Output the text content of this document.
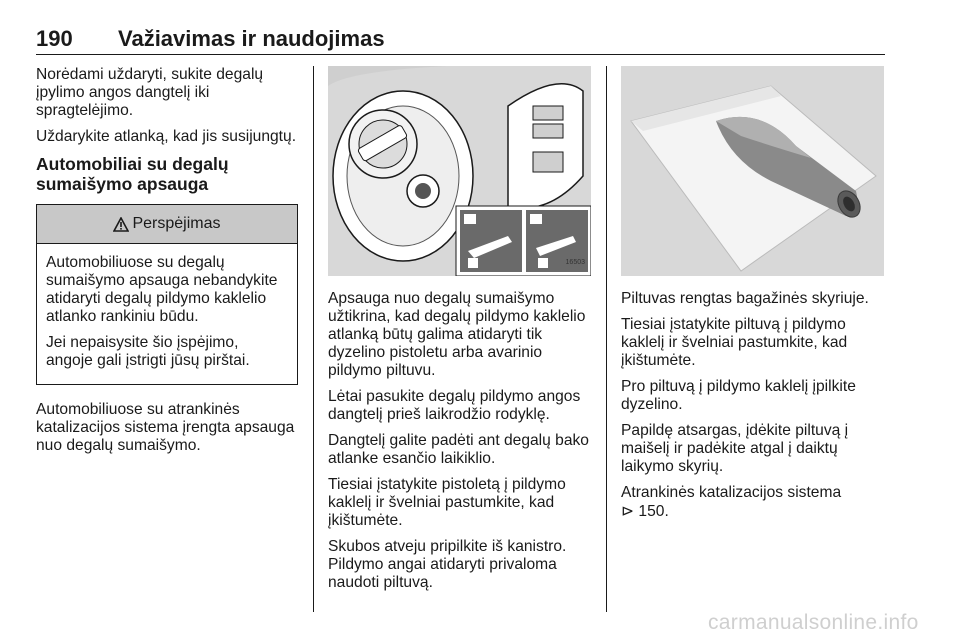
190 Važiavimas ir naudojimas

Norėdami uždaryti, sukite degalų
įpylimo angos dangtelį iki
spragtelėjimo.

Uždarykite atlanką, kad jis susijungtų.

Automobiliai su degalų
sumaišymo apsauga
Perspėjimas

Automobiliuose su degalų
sumaišymo apsauga nebandykite
atidaryti degalų pildymo kaklelio
atlanko rankiniu būdu.

Jei nepaisysite šio įspėjimo,
angoje gali įstrigti jūsų pirštai.

Automobiliuose su atrankinės
katalizacijos sistema įrengta apsauga
nuo degalų sumaišymo.

16503

Apsauga nuo degalų sumaišymo
užtikrina, kad degalų pildymo kaklelio
atlanką būtų galima atidaryti tik
dyzelino pistoletu arba avarinio
pildymo piltuvu.

Lėtai pasukite degalų pildymo angos
dangtelį prieš laikrodžio rodyklę.

Dangtelį galite padėti ant degalų bako
atlanke esančio laikiklio.

Tiesiai įstatykite pistoletą į pildymo
kaklelį ir švelniai pastumkite, kad
įkištumėte.

Skubos atveju pripilkite iš kanistro.
Pildymo angai atidaryti privaloma
naudoti piltuvą.

Piltuvas rengtas bagažinės skyriuje.

Tiesiai įstatykite piltuvą į pildymo
kaklelį ir švelniai pastumkite, kad
įkištumėte.

Pro piltuvą į pildymo kaklelį įpilkite
dyzelino.

Papildę atsargas, įdėkite piltuvą į
maišelį ir padėkite atgal į daiktų
laikymo skyrių.

Atrankinės katalizacijos sistema
⊳ 150.

carmanualsonline.info
